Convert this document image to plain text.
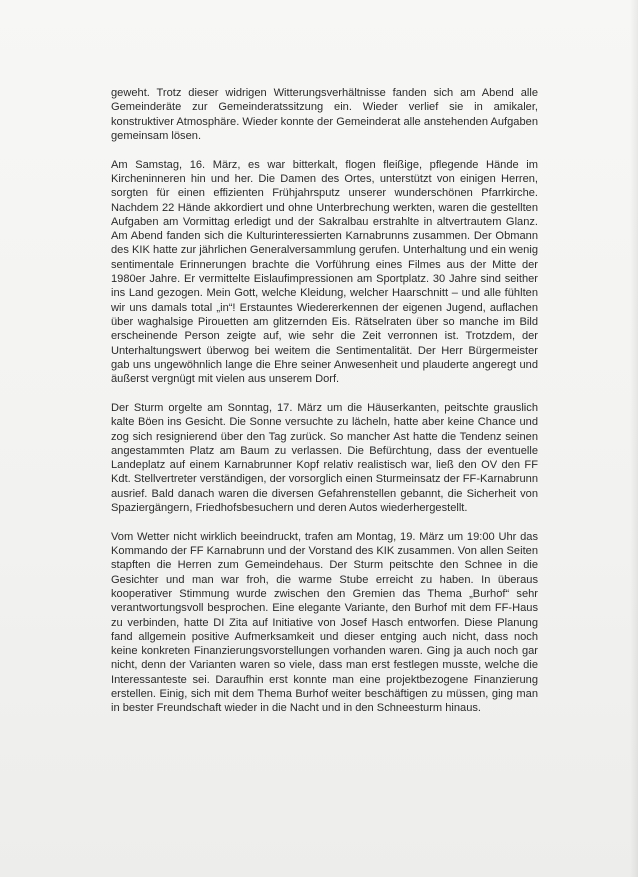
geweht. Trotz dieser widrigen Witterungsverhältnisse fanden sich am Abend alle Gemeinderäte zur Gemeinderatssitzung ein. Wieder verlief sie in amikaler, konstruktiver Atmosphäre. Wieder konnte der Gemeinderat alle anstehenden Aufgaben gemeinsam lösen.

Am Samstag, 16. März, es war bitterkalt, flogen fleißige, pflegende Hände im Kircheninneren hin und her. Die Damen des Ortes, unterstützt von einigen Herren, sorgten für einen effizienten Frühjahrsputz unserer wunderschönen Pfarrkirche. Nachdem 22 Hände akkordiert und ohne Unterbrechung werkten, waren die gestellten Aufgaben am Vormittag erledigt und der Sakralbau erstrahlte in altvertrautem Glanz. Am Abend fanden sich die Kulturinteressierten Karnabrunns zusammen. Der Obmann des KIK hatte zur jährlichen Generalversammlung gerufen. Unterhaltung und ein wenig sentimentale Erinnerungen brachte die Vorführung eines Filmes aus der Mitte der 1980er Jahre. Er vermittelte Eislaufimpressionen am Sportplatz. 30 Jahre sind seither ins Land gezogen. Mein Gott, welche Kleidung, welcher Haarschnitt – und alle fühlten wir uns damals total „in“! Erstauntes Wiedererkennen der eigenen Jugend, auflachen über waghalsige Pirouetten am glitzernden Eis. Rätselraten über so manche im Bild erscheinende Person zeigte auf, wie sehr die Zeit verronnen ist. Trotzdem, der Unterhaltungswert überwog bei weitem die Sentimentalität. Der Herr Bürgermeister gab uns ungewöhnlich lange die Ehre seiner Anwesenheit und plauderte angeregt und äußerst vergnügt mit vielen aus unserem Dorf.

Der Sturm orgelte am Sonntag, 17. März um die Häuserkanten, peitschte grauslich kalte Böen ins Gesicht. Die Sonne versuchte zu lächeln, hatte aber keine Chance und zog sich resignierend über den Tag zurück. So mancher Ast hatte die Tendenz seinen angestammten Platz am Baum zu verlassen. Die Befürchtung, dass der eventuelle Landeplatz auf einem Karnabrunner Kopf relativ realistisch war, ließ den OV den FF Kdt. Stellvertreter verständigen, der vorsorglich einen Sturmeinsatz der FF-Karnabrunn ausrief. Bald danach waren die diversen Gefahrenstellen gebannt, die Sicherheit von Spaziergängern, Friedhofsbesuchern und deren Autos wiederhergestellt.

Vom Wetter nicht wirklich beeindruckt, trafen am Montag, 19. März um 19:00 Uhr das Kommando der FF Karnabrunn und der Vorstand des KIK zusammen. Von allen Seiten stapften die Herren zum Gemeindehaus. Der Sturm peitschte den Schnee in die Gesichter und man war froh, die warme Stube erreicht zu haben. In überaus kooperativer Stimmung wurde zwischen den Gremien das Thema „Burhof“ sehr verantwortungsvoll besprochen. Eine elegante Variante, den Burhof mit dem FF-Haus zu verbinden, hatte DI Zita auf Initiative von Josef Hasch entworfen. Diese Planung fand allgemein positive Aufmerksamkeit und dieser entging auch nicht, dass noch keine konkreten Finanzierungsvorstellungen vorhanden waren. Ging ja auch noch gar nicht, denn der Varianten waren so viele, dass man erst festlegen musste, welche die Interessanteste sei. Daraufhin erst konnte man eine projektbezogene Finanzierung erstellen. Einig, sich mit dem Thema Burhof weiter beschäftigen zu müssen, ging man in bester Freundschaft wieder in die Nacht und in den Schneesturm hinaus.
